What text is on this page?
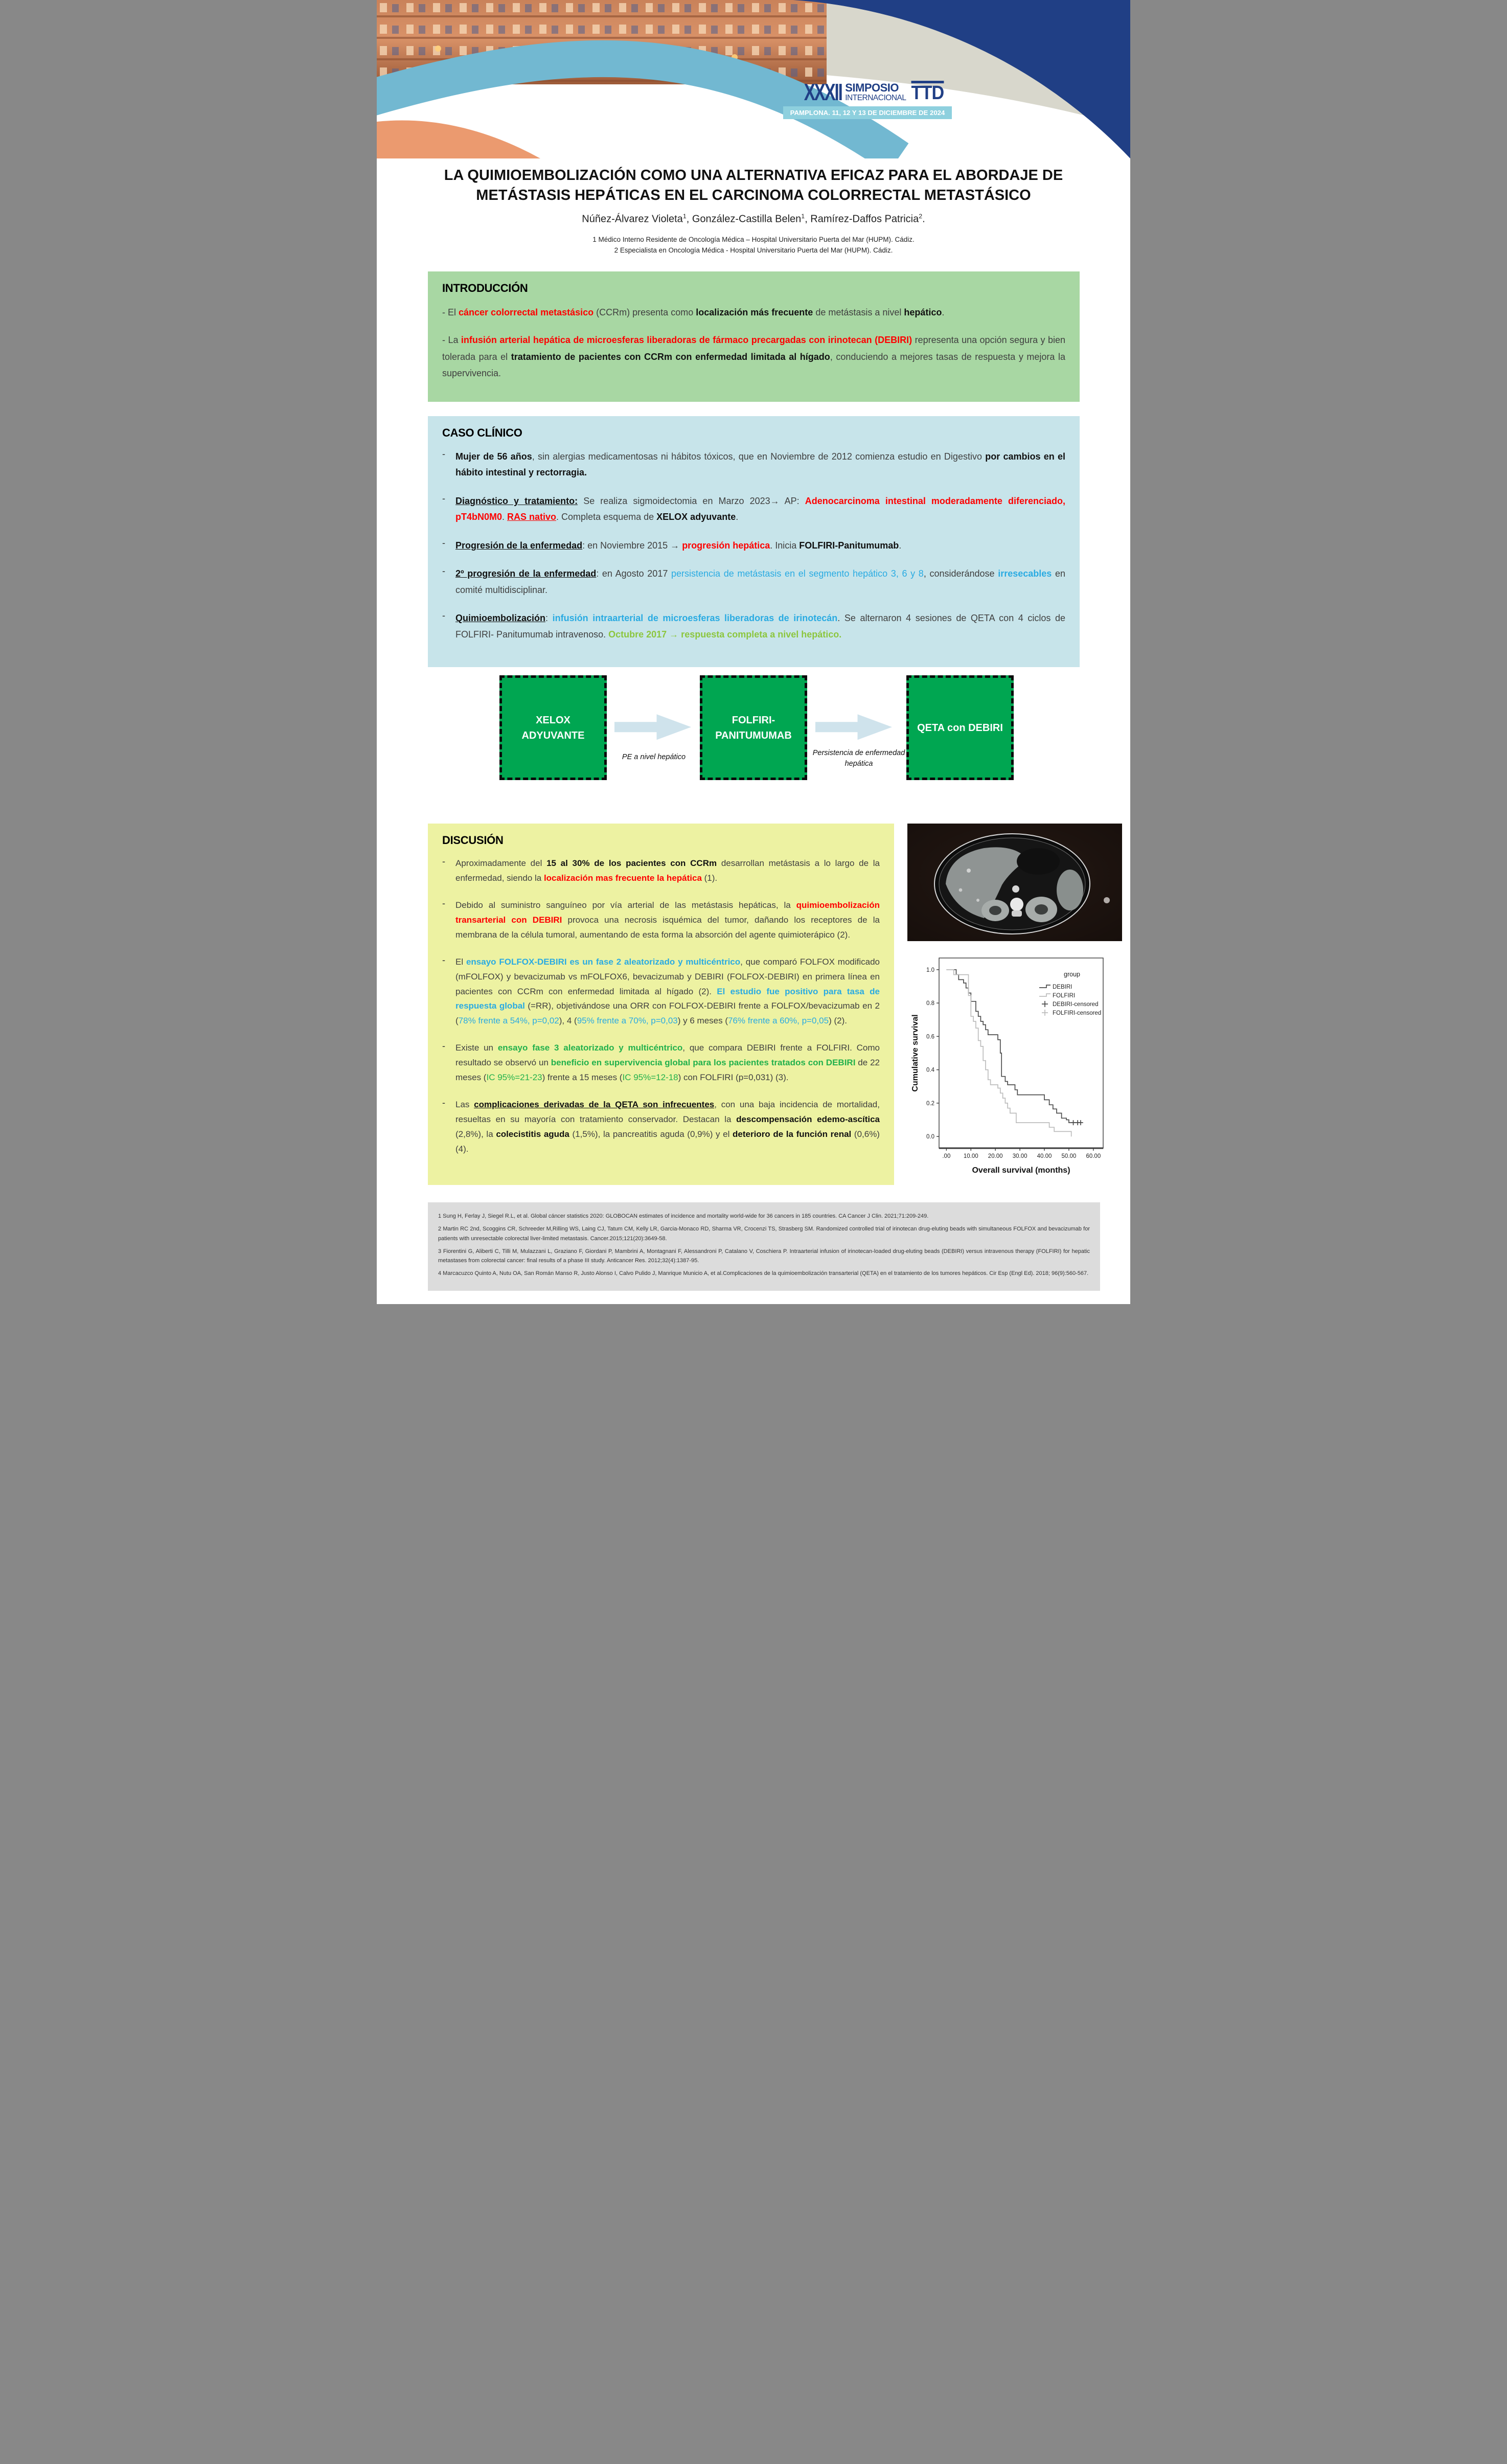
XXXII SIMPOSIO
INTERNACIONAL TTD
PAMPLONA. 11, 12 Y 13 DE DICIEMBRE DE 2024
LA QUIMIOEMBOLIZACIÓN COMO UNA ALTERNATIVA EFICAZ PARA EL ABORDAJE DE METÁSTASIS HEPÁTICAS EN EL CARCINOMA COLORRECTAL METASTÁSICO
Núñez-Álvarez Violeta$^1$, González-Castilla Belen$^1$, Ramírez-Daffos Patricia$^2$.
1 Médico Interno Residente de Oncología Médica – Hospital Universitario Puerta del Mar (HUPM). Cádiz.
2 Especialista en Oncología Médica - Hospital Universitario Puerta del Mar (HUPM). Cádiz.
INTRODUCCIÓN

- El cáncer colorrectal metastásico (CCRm) presenta como localización más frecuente de metástasis a nivel hepático.

- La infusión arterial hepática de microesferas liberadoras de fármaco precargadas con irinotecan (DEBIRI) representa una opción segura y bien tolerada para el tratamiento de pacientes con CCRm con enfermedad limitada al hígado, conduciendo a mejores tasas de respuesta y mejora la supervivencia.

CASO CLÍNICO
-	Mujer de 56 años, sin alergias medicamentosas ni hábitos tóxicos, que en Noviembre de 2012 comienza estudio en Digestivo por cambios en el hábito intestinal y rectorragia.
-	Diagnóstico y tratamiento: Se realiza sigmoidectomia en Marzo 2023→ AP: Adenocarcinoma intestinal moderadamente diferenciado, pT4bN0M0. RAS nativo. Completa esquema de XELOX adyuvante.
-	Progresión de la enfermedad: en Noviembre 2015 → progresión hepática. Inicia FOLFIRI-Panitumumab.
-	2º progresión de la enfermedad: en Agosto 2017 persistencia de metástasis en el segmento hepático 3, 6 y 8, considerándose irresecables en comité multidisciplinar.
-	Quimioembolización: infusión intraarterial de microesferas liberadoras de irinotecán. Se alternaron 4 sesiones de QETA con 4 ciclos de FOLFIRI- Panitumumab intravenoso. Octubre 2017 → respuesta completa a nivel hepático.
XELOX ADYUVANTE
PE a nivel hepático
FOLFIRI-PANITUMUMAB
Persistencia de enfermedad hepática
QETA con DEBIRI
DISCUSIÓN
-	Aproximadamente del 15 al 30% de los pacientes con CCRm desarrollan metástasis a lo largo de la enfermedad, siendo la localización mas frecuente la hepática (1).
-	Debido al suministro sanguíneo por vía arterial de las metástasis hepáticas, la quimioembolización transarterial con DEBIRI provoca una necrosis isquémica del tumor, dañando los receptores de la membrana de la célula tumoral, aumentando de esta forma la absorción del agente quimioterápico (2).
-	El ensayo FOLFOX-DEBIRI es un fase 2 aleatorizado y multicéntrico, que comparó FOLFOX modificado (mFOLFOX) y bevacizumab vs mFOLFOX6, bevacizumab y DEBIRI (FOLFOX-DEBIRI) en primera línea en pacientes con CCRm con enfermedad limitada al hígado (2). El estudio fue positivo para tasa de respuesta global (=RR), objetivándose una ORR con FOLFOX-DEBIRI frente a FOLFOX/bevacizumab en 2 (78% frente a 54%, p=0,02), 4 (95% frente a 70%, p=0,03) y 6 meses (76% frente a 60%, p=0,05) (2).
-	Existe un ensayo fase 3 aleatorizado y multicéntrico, que compara DEBIRI frente a FOLFIRI. Como resultado se observó un beneficio en supervivencia global para los pacientes tratados con DEBIRI de 22 meses (IC 95%=21-23) frente a 15 meses (IC 95%=12-18) con FOLFIRI (p=0,031) (3).
-	Las complicaciones derivadas de la QETA son infrecuentes, con una baja incidencia de mortalidad, resueltas en su mayoría con tratamiento conservador. Destacan la descompensación edemo-ascítica (2,8%), la colecistitis aguda (1,5%), la pancreatitis aguda (0,9%) y el deterioro de la función renal (0,6%) (4).
0.0
0.2
0.4
0.6
0.8
1.0
.00 10.00 20.00 30.00 40.00 50.00 60.00
Overall survival (months)
Cumulative survival
group
DEBIRI
FOLFIRI
DEBIRI-censored
FOLFIRI-censored
1 Sung H, Ferlay J, Siegel R.L, et al. Global cáncer statistics 2020: GLOBOCAN estimates of incidence and mortality world-wide for 36 cancers in 185 countries. CA Cancer J Clin. 2021;71:209-249.
2 Martin RC 2nd, Scoggins CR, Schreeder M,Rilling WS, Laing CJ, Tatum CM, Kelly LR, Garcia-Monaco RD, Sharma VR, Crocenzi TS, Strasberg SM. Randomized controlled trial of irinotecan drug-eluting beads with simultaneous FOLFOX and bevacizumab for patients with unresectable colorectal liver-limited metastasis. Cancer.2015;121(20):3649-58.
3 Fiorentini G, Aliberti C, Tilli M, Mulazzani L, Graziano F, Giordani P, Mambrini A, Montagnani F, Alessandroni P, Catalano V, Coschiera P. Intraarterial infusion of irinotecan-loaded drug-eluting beads (DEBIRI) versus intravenous therapy (FOLFIRI) for hepatic metastases from colorectal cancer: final results of a phase III study. Anticancer Res. 2012;32(4):1387-95.
4 Marcacuzco Quinto A, Nutu OA, San Román Manso R, Justo Alonso I, Calvo Pulido J, Manrique Municio A, et al.Complicaciones de la quimioembolización transarterial (QETA) en el tratamiento de los tumores hepáticos. Cir Esp (Engl Ed). 2018; 96(9):560-567.
